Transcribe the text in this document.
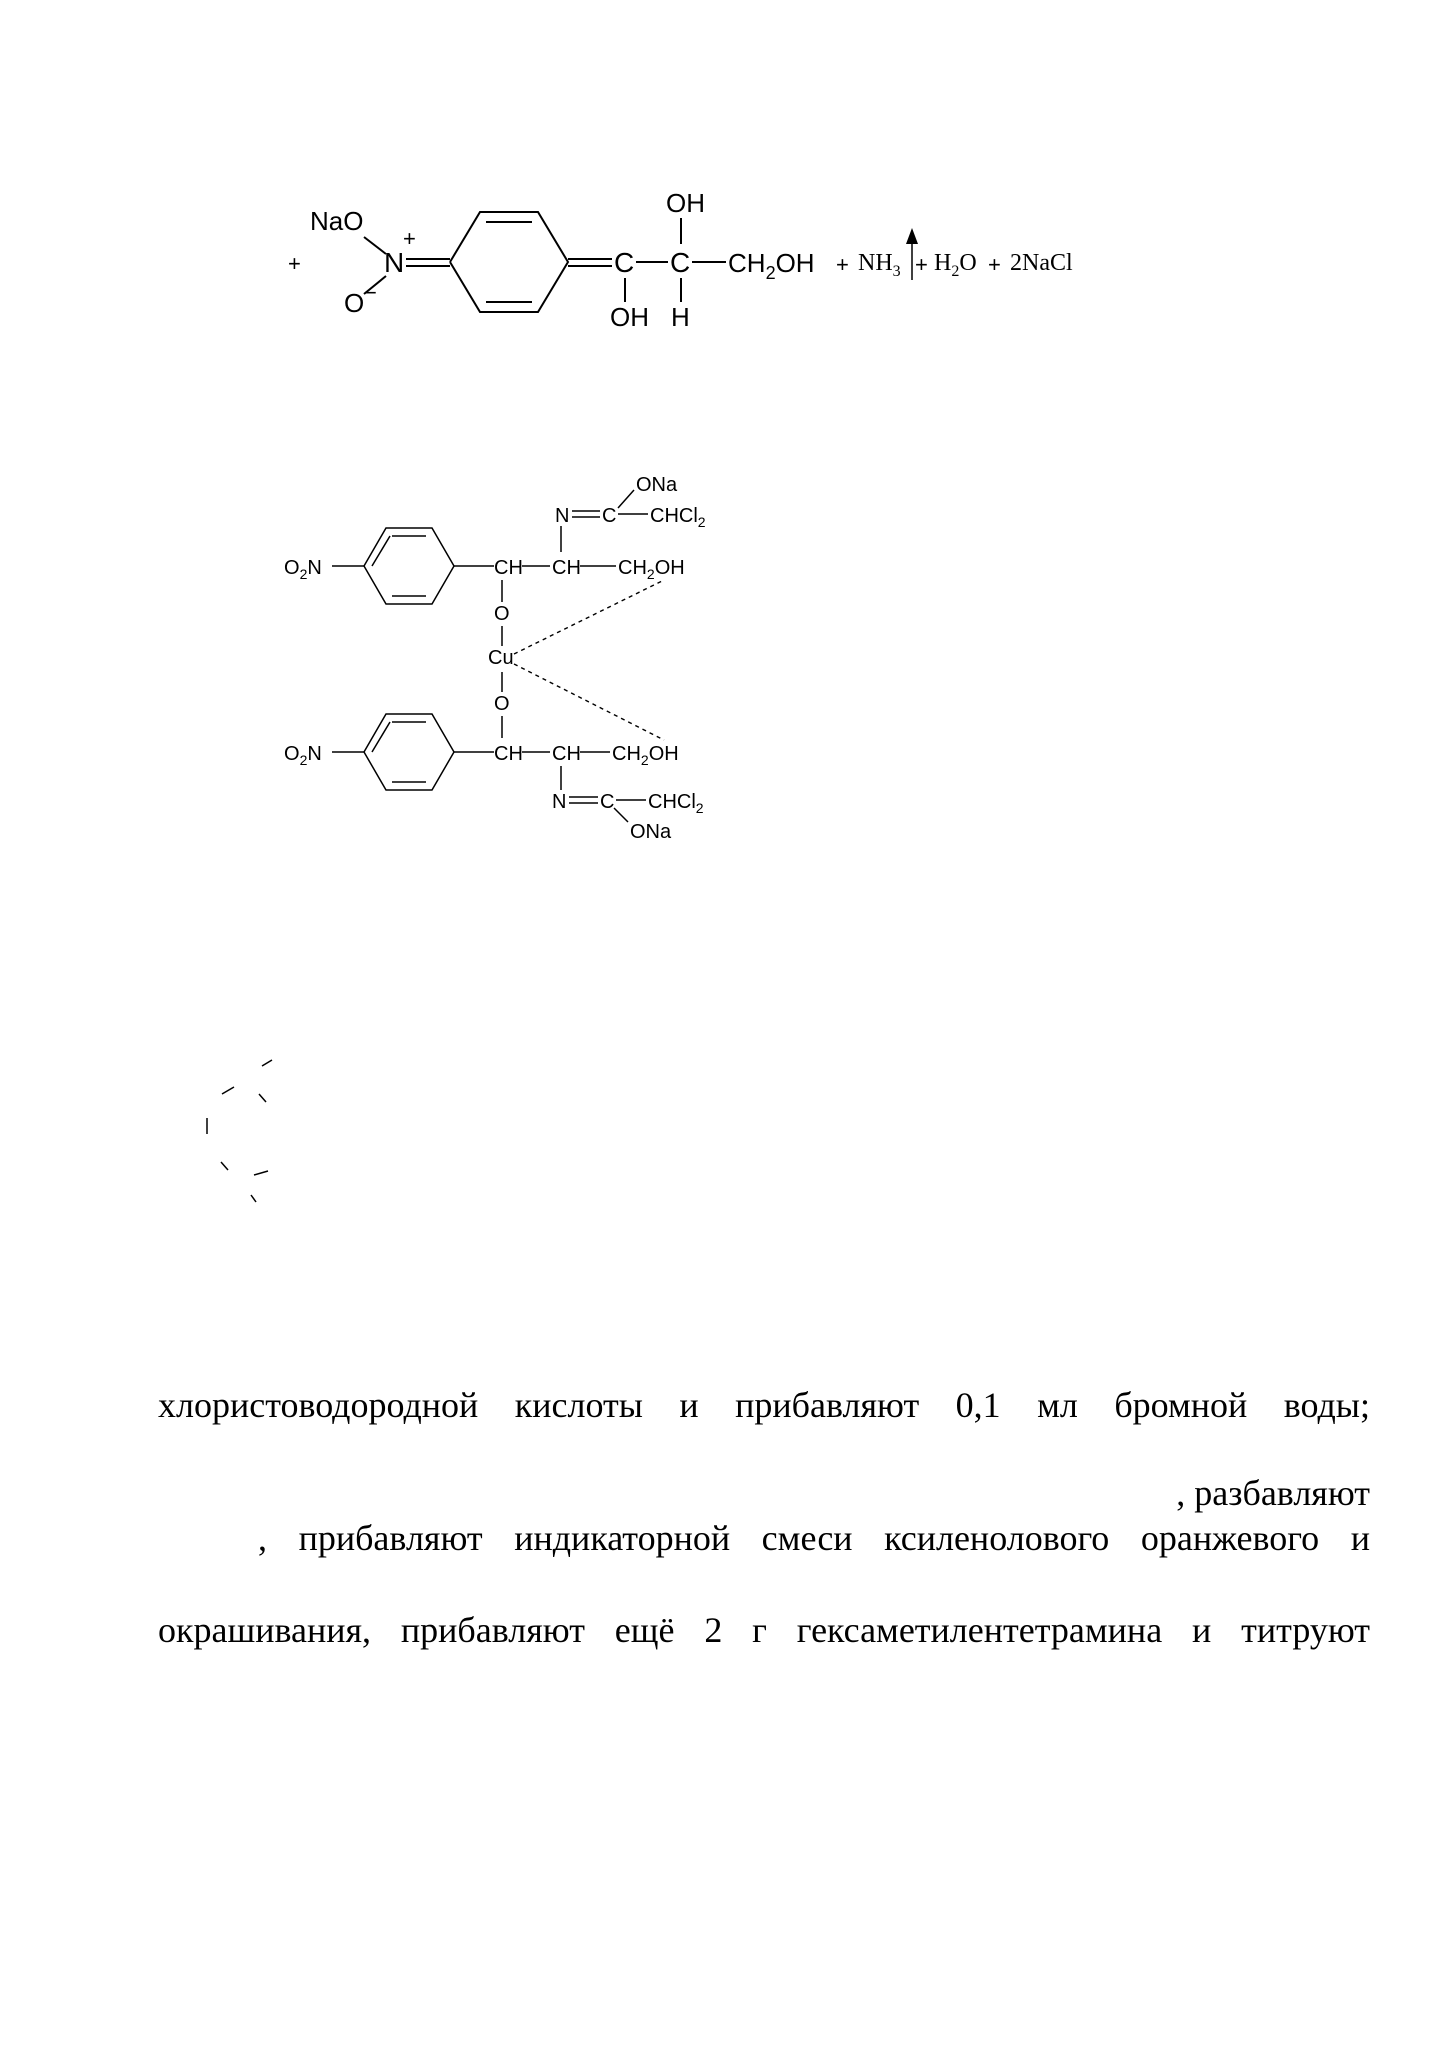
+
NaO
+
N
O −
C C
OH
OH H
$CH_2OH + NH_3 + H_2O$ + 2NaCl
ONa
N C CHCl$_2$
$O_2N$	CH CH $CH_2OH$
O
Cu
O
$O_2N$	CH CH $CH_2OH$
N C CHCl$_2$
ONa
хлористоводородной кислоты и прибавляют 0,1 мл бромной воды;
, разбавляют
, прибавляют индикаторной смеси ксиленолового оранжевого и
окрашивания, прибавляют ещё 2 г гексаметилентетрамина и титруют
